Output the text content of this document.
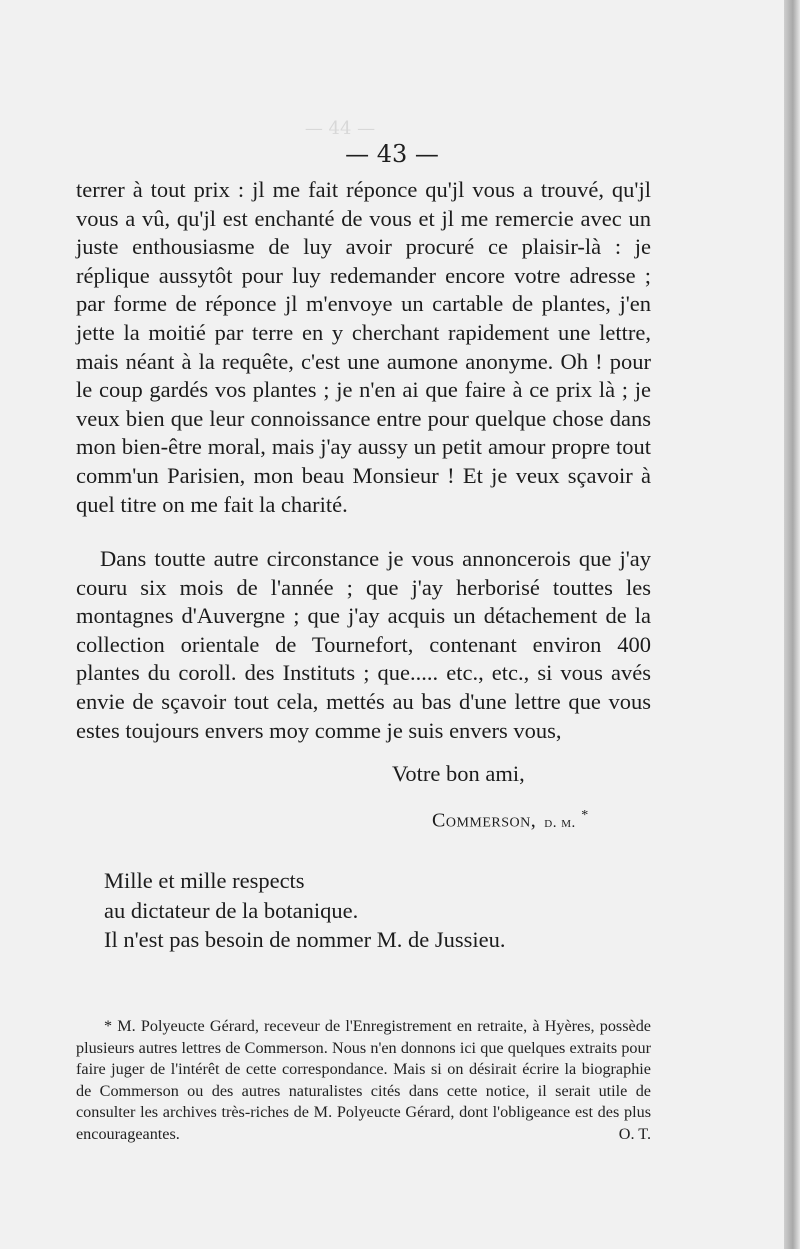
— 44 —
— 43 —

terrer à tout prix : jl me fait réponce qu'jl vous a trouvé, qu'jl vous a vû, qu'jl est enchanté de vous et jl me remercie avec un juste enthousiasme de luy avoir procuré ce plaisir-là : je réplique aussytôt pour luy redemander encore votre adresse ; par forme de réponce jl m'envoye un cartable de plantes, j'en jette la moitié par terre en y cherchant rapidement une lettre, mais néant à la requête, c'est une aumone anonyme. Oh ! pour le coup gardés vos plantes ; je n'en ai que faire à ce prix là ; je veux bien que leur connoissance entre pour quelque chose dans mon bien-être moral, mais j'ay aussy un petit amour propre tout comm'un Parisien, mon beau Monsieur ! Et je veux sçavoir à quel titre on me fait la charité.

Dans toutte autre circonstance je vous annoncerois que j'ay couru six mois de l'année ; que j'ay herborisé touttes les montagnes d'Auvergne ; que j'ay acquis un détachement de la collection orientale de Tournefort, contenant environ 400 plantes du coroll. des Instituts ; que..... etc., etc., si vous avés envie de sçavoir tout cela, mettés au bas d'une lettre que vous estes toujours envers moy comme je suis envers vous,
Votre bon ami,
Commerson, d. m. *
Mille et mille respects
au dictateur de la botanique.
Il n'est pas besoin de nommer M. de Jussieu.
* M. Polyeucte Gérard, receveur de l'Enregistrement en retraite, à Hyères, possède plusieurs autres lettres de Commerson. Nous n'en donnons ici que quelques extraits pour faire juger de l'intérêt de cette correspondance. Mais si on désirait écrire la biographie de Commerson ou des autres naturalistes cités dans cette notice, il serait utile de consulter les archives très-riches de M. Polyeucte Gérard, dont l'obligeance est des plus encourageantes.	O. T.
